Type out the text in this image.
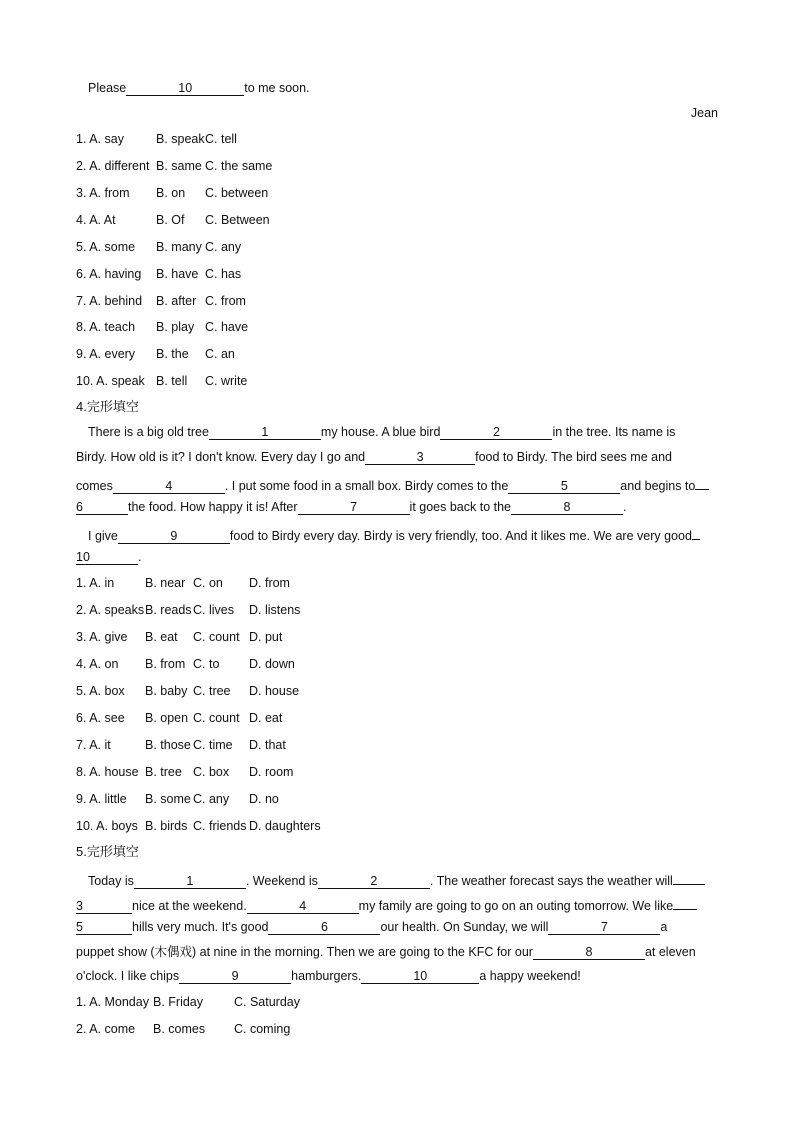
Please	10	to me soon.
Jean
1. A. say	B. speak C. tell
2. A. different B. same C. the same
3. A. from B. on C. between
4. A. At	B. Of C. Between
5. A. some B. many C. any
6. A. having B. have C. has
7. A. behind B. after C. from
8. A. teach B. play C. have
9. A. every B. the C. an
10. A. speak B. tell C. write
4.完形填空
There is a big old tree	1	my house. A blue bird	2	in the tree. Its name is
Birdy. How old is it? I don't know. Every day I go and	3	food to Birdy. The bird sees me and
comes	4	. I put some food in a small box. Birdy comes to the	5	and begins to
6	the food. How happy it is! After	7	it goes back to the	8	.
I give	9	food to Birdy every day. Birdy is very friendly, too. And it likes me. We are very good
10	.
1. A. in B. near C. on D. from
2. A. speaks B. reads C. lives D. listens
3. A. give B. eat C. count D. put
4. A. on B. from C. to D. down
5. A. box B. baby C. tree D. house
6. A. see B. open C. count D. eat
7. A. it	B. those C. time D. that
8. A. house B. tree C. box D. room
9. A. little B. some C. any D. no
10. A. boys B. birds C. friends D. daughters
5.完形填空
Today is	1	. Weekend is	2	. The weather forecast says the weather will
3	nice at the weekend.	4	my family are going to go on an outing tomorrow. We like
5	hills very much. It's good	6	our health. On Sunday, we will	7	a
puppet show (木偶戏) at nine in the morning. Then we are going to the KFC for our	8	at eleven
o'clock. I like chips	9	hamburgers.	10	a happy weekend!
1. A. Monday B. Friday C. Saturday
2. A. come B. comes C. coming
